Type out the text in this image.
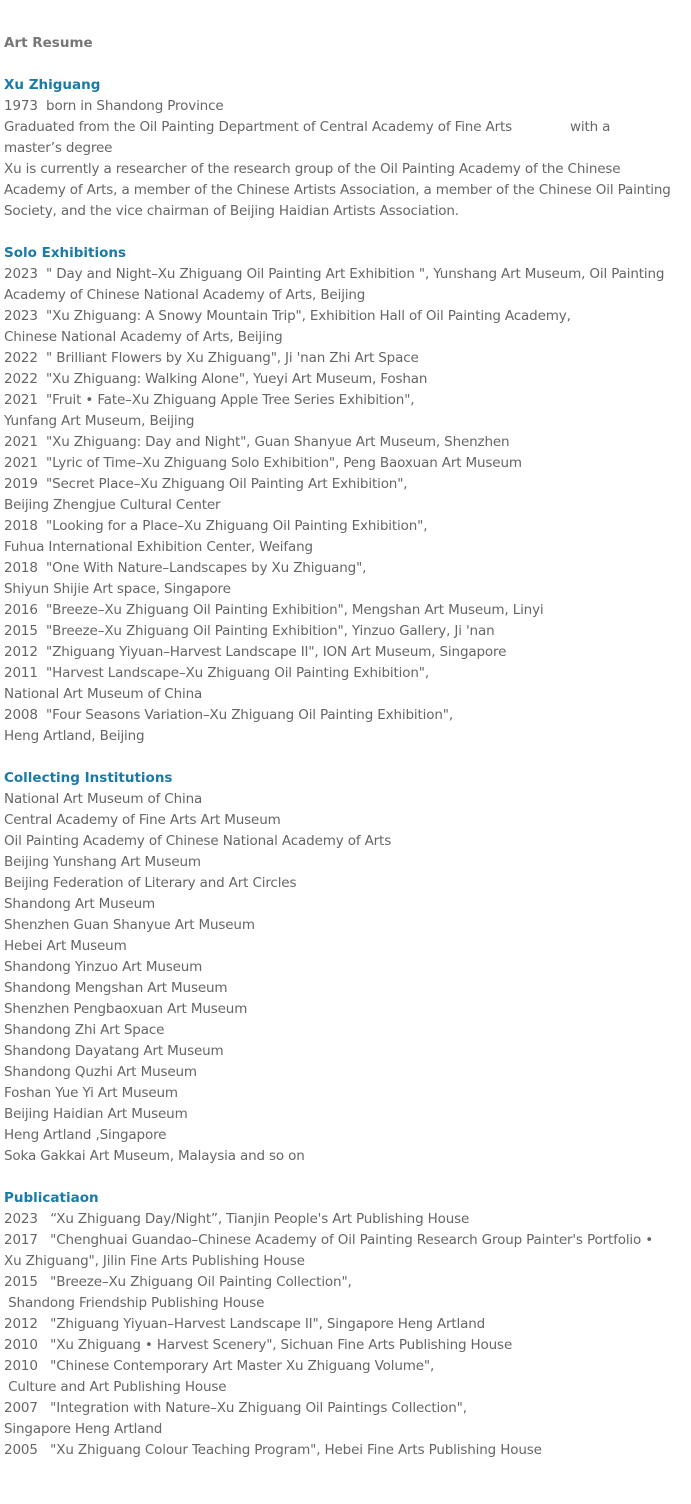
Art Resume
Xu Zhiguang
1973  born in Shandong Province
Graduated from the Oil Painting Department of Central Academy of Fine Arts              with a
master’s degree
Xu is currently a researcher of the research group of the Oil Painting Academy of the Chinese
Academy of Arts, a member of the Chinese Artists Association, a member of the Chinese Oil Painting
Society, and the vice chairman of Beijing Haidian Artists Association.
Solo Exhibitions
2023  " Day and Night–Xu Zhiguang Oil Painting Art Exhibition ", Yunshang Art Museum, Oil Painting
Academy of Chinese National Academy of Arts, Beijing
2023  "Xu Zhiguang: A Snowy Mountain Trip", Exhibition Hall of Oil Painting Academy,
Chinese National Academy of Arts, Beijing
2022  " Brilliant Flowers by Xu Zhiguang", Ji 'nan Zhi Art Space
2022  "Xu Zhiguang: Walking Alone", Yueyi Art Museum, Foshan
2021  "Fruit • Fate–Xu Zhiguang Apple Tree Series Exhibition",
Yunfang Art Museum, Beijing
2021  "Xu Zhiguang: Day and Night", Guan Shanyue Art Museum, Shenzhen
2021  "Lyric of Time–Xu Zhiguang Solo Exhibition", Peng Baoxuan Art Museum
2019  "Secret Place–Xu Zhiguang Oil Painting Art Exhibition",
Beijing Zhengjue Cultural Center
2018  "Looking for a Place–Xu Zhiguang Oil Painting Exhibition",
Fuhua International Exhibition Center, Weifang
2018  "One With Nature–Landscapes by Xu Zhiguang",
Shiyun Shijie Art space, Singapore
2016  "Breeze–Xu Zhiguang Oil Painting Exhibition", Mengshan Art Museum, Linyi
2015  "Breeze–Xu Zhiguang Oil Painting Exhibition", Yinzuo Gallery, Ji 'nan
2012  "Zhiguang Yiyuan–Harvest Landscape II", ION Art Museum, Singapore
2011  "Harvest Landscape–Xu Zhiguang Oil Painting Exhibition",
National Art Museum of China
2008  "Four Seasons Variation–Xu Zhiguang Oil Painting Exhibition",
Heng Artland, Beijing
Collecting Institutions
National Art Museum of China
Central Academy of Fine Arts Art Museum
Oil Painting Academy of Chinese National Academy of Arts
Beijing Yunshang Art Museum
Beijing Federation of Literary and Art Circles
Shandong Art Museum
Shenzhen Guan Shanyue Art Museum
Hebei Art Museum
Shandong Yinzuo Art Museum
Shandong Mengshan Art Museum
Shenzhen Pengbaoxuan Art Museum
Shandong Zhi Art Space
Shandong Dayatang Art Museum
Shandong Quzhi Art Museum
Foshan Yue Yi Art Museum
Beijing Haidian Art Museum
Heng Artland ,Singapore
Soka Gakkai Art Museum, Malaysia and so on
Publicatiaon
2023   “Xu Zhiguang Day/Night”, Tianjin People's Art Publishing House
2017   "Chenghuai Guandao–Chinese Academy of Oil Painting Research Group Painter's Portfolio •
Xu Zhiguang", Jilin Fine Arts Publishing House
2015   "Breeze–Xu Zhiguang Oil Painting Collection",
Shandong Friendship Publishing House
2012   "Zhiguang Yiyuan–Harvest Landscape II", Singapore Heng Artland
2010   "Xu Zhiguang • Harvest Scenery", Sichuan Fine Arts Publishing House
2010   "Chinese Contemporary Art Master Xu Zhiguang Volume",
Culture and Art Publishing House
2007   "Integration with Nature–Xu Zhiguang Oil Paintings Collection",
Singapore Heng Artland
2005   "Xu Zhiguang Colour Teaching Program", Hebei Fine Arts Publishing House
